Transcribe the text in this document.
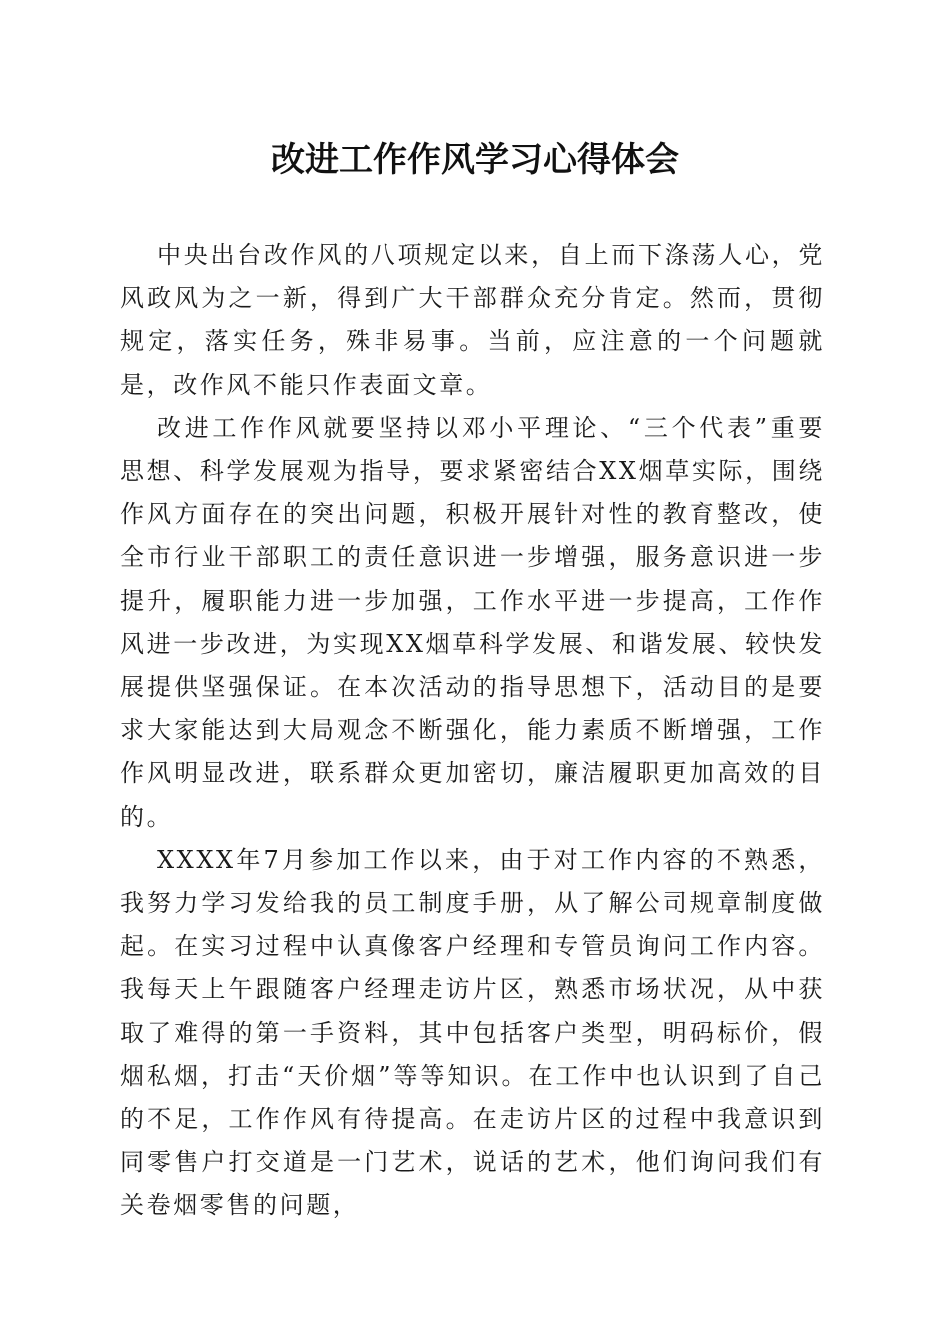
改进工作作风学习心得体会

中央出台改作风的八项规定以来，自上而下涤荡人心，党风政风为之一新，得到广大干部群众充分肯定。然而，贯彻规定，落实任务，殊非易事。当前，应注意的一个问题就是，改作风不能只作表面文章。

改进工作作风就要坚持以邓小平理论、“三个代表”重要思想、科学发展观为指导，要求紧密结合XX烟草实际，围绕作风方面存在的突出问题，积极开展针对性的教育整改，使全市行业干部职工的责任意识进一步增强，服务意识进一步提升，履职能力进一步加强，工作水平进一步提高，工作作风进一步改进，为实现XX烟草科学发展、和谐发展、较快发展提供坚强保证。在本次活动的指导思想下，活动目的是要求大家能达到大局观念不断强化，能力素质不断增强，工作作风明显改进，联系群众更加密切，廉洁履职更加高效的目的。

XXXX年7月参加工作以来，由于对工作内容的不熟悉，我努力学习发给我的员工制度手册，从了解公司规章制度做起。在实习过程中认真像客户经理和专管员询问工作内容。我每天上午跟随客户经理走访片区，熟悉市场状况，从中获取了难得的第一手资料，其中包括客户类型，明码标价，假烟私烟，打击“天价烟”等等知识。在工作中也认识到了自己的不足，工作作风有待提高。在走访片区的过程中我意识到同零售户打交道是一门艺术，说话的艺术，他们询问我们有关卷烟零售的问题，
